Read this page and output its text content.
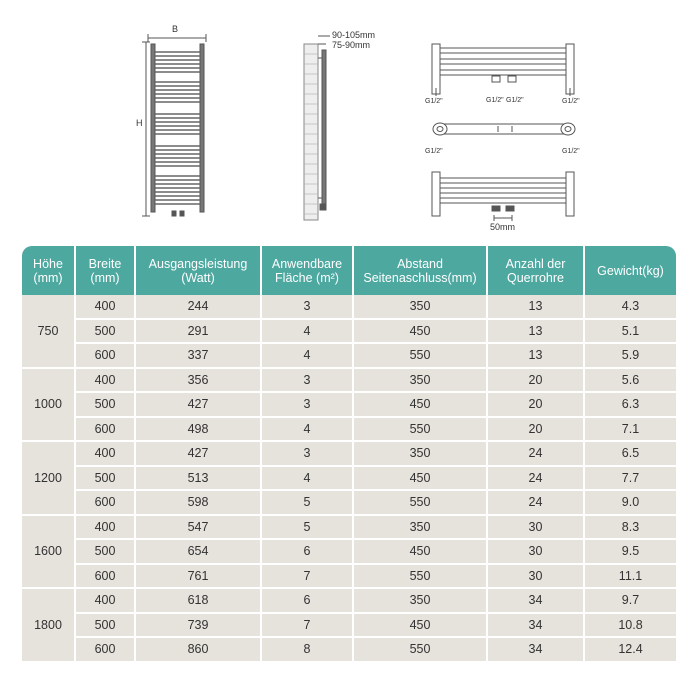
B
H
90-105mm
75-90mm
G1/2"	G1/2" G1/2"	G1/2"
G1/2"	G1/2"
50mm
Höhe (mm)	Breite (mm)	Ausgangsleistung (Watt)	Anwendbare Fläche (m²)	Abstand Seitenaschluss(mm)	Anzahl der Querrohre	Gewicht(kg)
750	400	244	3	350	13	4.3
	500	291	4	450	13	5.1
	600	337	4	550	13	5.9
1000	400	356	3	350	20	5.6
	500	427	3	450	20	6.3
	600	498	4	550	20	7.1
1200	400	427	3	350	24	6.5
	500	513	4	450	24	7.7
	600	598	5	550	24	9.0
1600	400	547	5	350	30	8.3
	500	654	6	450	30	9.5
	600	761	7	550	30	11.1
1800	400	618	6	350	34	9.7
	500	739	7	450	34	10.8
	600	860	8	550	34	12.4
